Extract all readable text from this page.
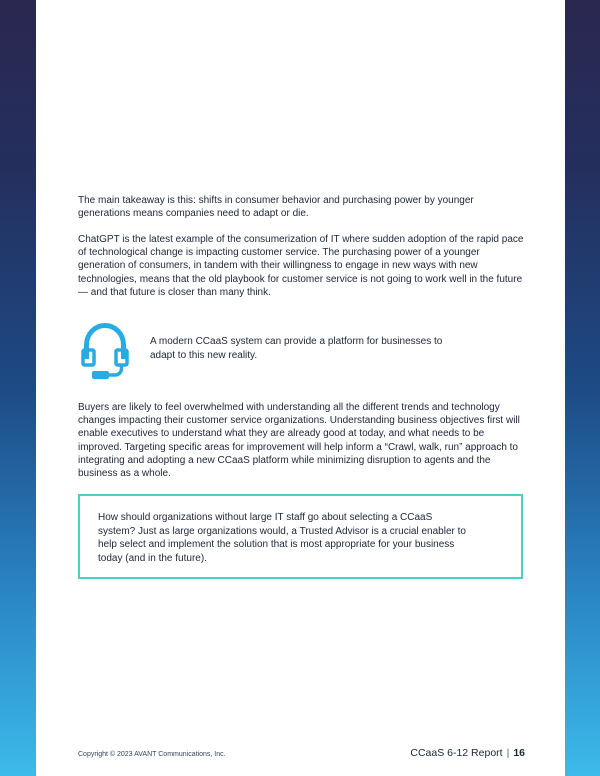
The main takeaway is this: shifts in consumer behavior and purchasing power by younger generations means companies need to adapt or die.

ChatGPT is the latest example of the consumerization of IT where sudden adoption of the rapid pace of technological change is impacting customer service. The purchasing power of a younger generation of consumers, in tandem with their willingness to engage in new ways with new technologies, means that the old playbook for customer service is not going to work well in the future — and that future is closer than many think.

A modern CCaaS system can provide a platform for businesses to adapt to this new reality.

Buyers are likely to feel overwhelmed with understanding all the different trends and technology changes impacting their customer service organizations. Understanding business objectives first will enable executives to understand what they are already good at today, and what needs to be improved. Targeting specific areas for improvement will help inform a “Crawl, walk, run” approach to integrating and adopting a new CCaaS platform while minimizing disruption to agents and the business as a whole.

How should organizations without large IT staff go about selecting a CCaaS system? Just as large organizations would, a Trusted Advisor is a crucial enabler to help select and implement the solution that is most appropriate for your business today (and in the future).

Copyright © 2023 AVANT Communications, Inc.	CCaaS 6-12 Report | 16
